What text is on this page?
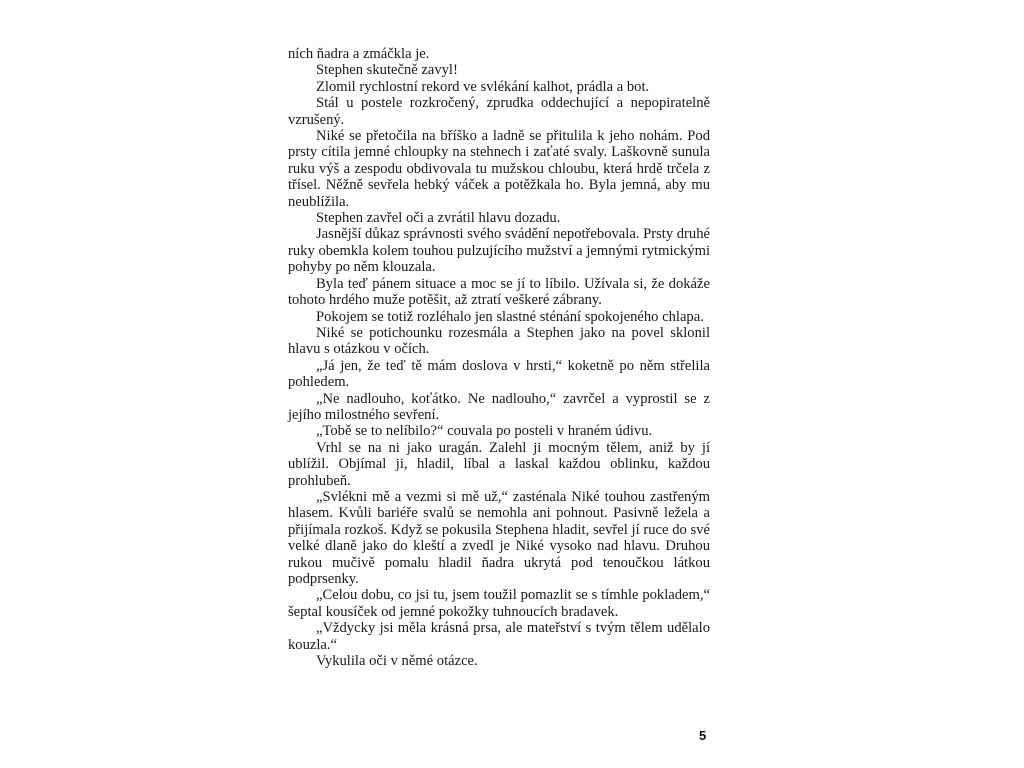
ních ňadra a zmáčkla je.

Stephen skutečně zavyl!

Zlomil rychlostní rekord ve svlékání kalhot, prádla a bot.

Stál u postele rozkročený, zprudka oddechující a nepopiratelně vzrušený.

Niké se přetočila na bříško a ladně se přitulila k jeho nohám. Pod prsty cítila jemné chloupky na stehnech i zaťaté svaly. Laškovně sunula ruku výš a zespodu obdivovala tu mužskou chloubu, která hrdě trčela z třísel. Něžně sevřela hebký váček a potěžkala ho. Byla jemná, aby mu neublížila.

Stephen zavřel oči a zvrátil hlavu dozadu.

Jasnější důkaz správnosti svého svádění nepotřebovala. Prsty druhé ruky obemkla kolem touhou pulzujícího mužství a jemnými rytmickými pohyby po něm klouzala.

Byla teď pánem situace a moc se jí to líbilo. Užívala si, že dokáže tohoto hrdého muže potěšit, až ztratí veškeré zábrany.

Pokojem se totiž rozléhalo jen slastné sténání spokojeného chlapa.

Niké se potichounku rozesmála a Stephen jako na povel sklonil hlavu s otázkou v očích.

„Já jen, že teď tě mám doslova v hrsti,“ koketně po něm střelila pohledem.

„Ne nadlouho, koťátko. Ne nadlouho,“ zavrčel a vyprostil se z jejího milostného sevření.

„Tobě se to nelíbilo?“ couvala po posteli v hraném údivu.

Vrhl se na ni jako uragán. Zalehl ji mocným tělem, aniž by jí ublížil. Objímal ji, hladil, líbal a laskal každou oblinku, každou prohlubeň.

„Svlékni mě a vezmi si mě už,“ zasténala Niké touhou zastřeným hlasem. Kvůli bariéře svalů se nemohla ani pohnout. Pasivně ležela a přijímala rozkoš. Když se pokusila Stephena hladit, sevřel jí ruce do své velké dlaně jako do kleští a zvedl je Niké vysoko nad hlavu. Druhou rukou mučivě pomalu hladil ňadra ukrytá pod tenoučkou látkou podprsenky.

„Celou dobu, co jsi tu, jsem toužil pomazlit se s tímhle pokladem,“ šeptal kousíček od jemné pokožky tuhnoucích bradavek.

„Vždycky jsi měla krásná prsa, ale mateřství s tvým tělem udělalo kouzla.“

Vykulila oči v němé otázce.

5
